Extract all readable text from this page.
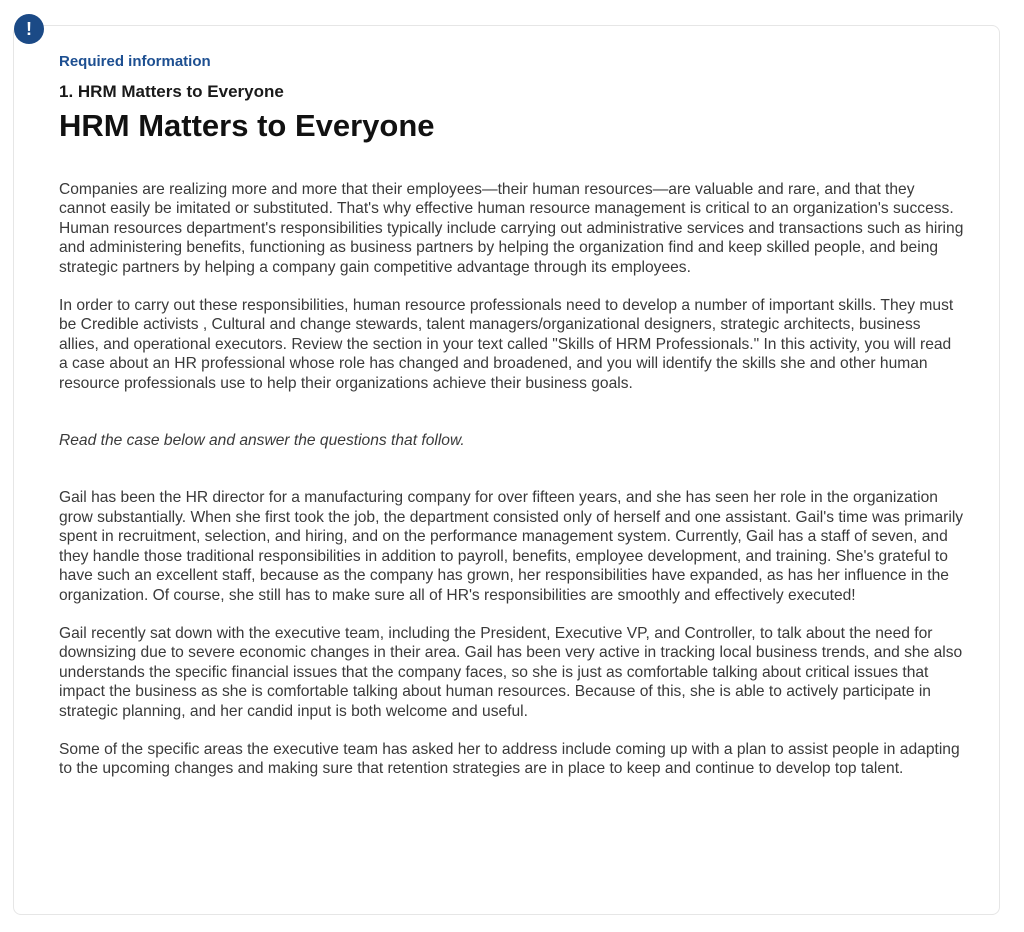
Required information

1. HRM Matters to Everyone

HRM Matters to Everyone

Companies are realizing more and more that their employees—their human resources—are valuable and rare, and that they cannot easily be imitated or substituted. That's why effective human resource management is critical to an organization's success. Human resources department's responsibilities typically include carrying out administrative services and transactions such as hiring and administering benefits, functioning as business partners by helping the organization find and keep skilled people, and being strategic partners by helping a company gain competitive advantage through its employees.

In order to carry out these responsibilities, human resource professionals need to develop a number of important skills. They must be Credible activists , Cultural and change stewards, talent managers/organizational designers, strategic architects, business allies, and operational executors. Review the section in your text called "Skills of HRM Professionals." In this activity, you will read a case about an HR professional whose role has changed and broadened, and you will identify the skills she and other human resource professionals use to help their organizations achieve their business goals.

Read the case below and answer the questions that follow.

Gail has been the HR director for a manufacturing company for over fifteen years, and she has seen her role in the organization grow substantially. When she first took the job, the department consisted only of herself and one assistant. Gail's time was primarily spent in recruitment, selection, and hiring, and on the performance management system. Currently, Gail has a staff of seven, and they handle those traditional responsibilities in addition to payroll, benefits, employee development, and training. She's grateful to have such an excellent staff, because as the company has grown, her responsibilities have expanded, as has her influence in the organization. Of course, she still has to make sure all of HR's responsibilities are smoothly and effectively executed!

Gail recently sat down with the executive team, including the President, Executive VP, and Controller, to talk about the need for downsizing due to severe economic changes in their area. Gail has been very active in tracking local business trends, and she also understands the specific financial issues that the company faces, so she is just as comfortable talking about critical issues that impact the business as she is comfortable talking about human resources. Because of this, she is able to actively participate in strategic planning, and her candid input is both welcome and useful.

Some of the specific areas the executive team has asked her to address include coming up with a plan to assist people in adapting to the upcoming changes and making sure that retention strategies are in place to keep and continue to develop top talent.

!
